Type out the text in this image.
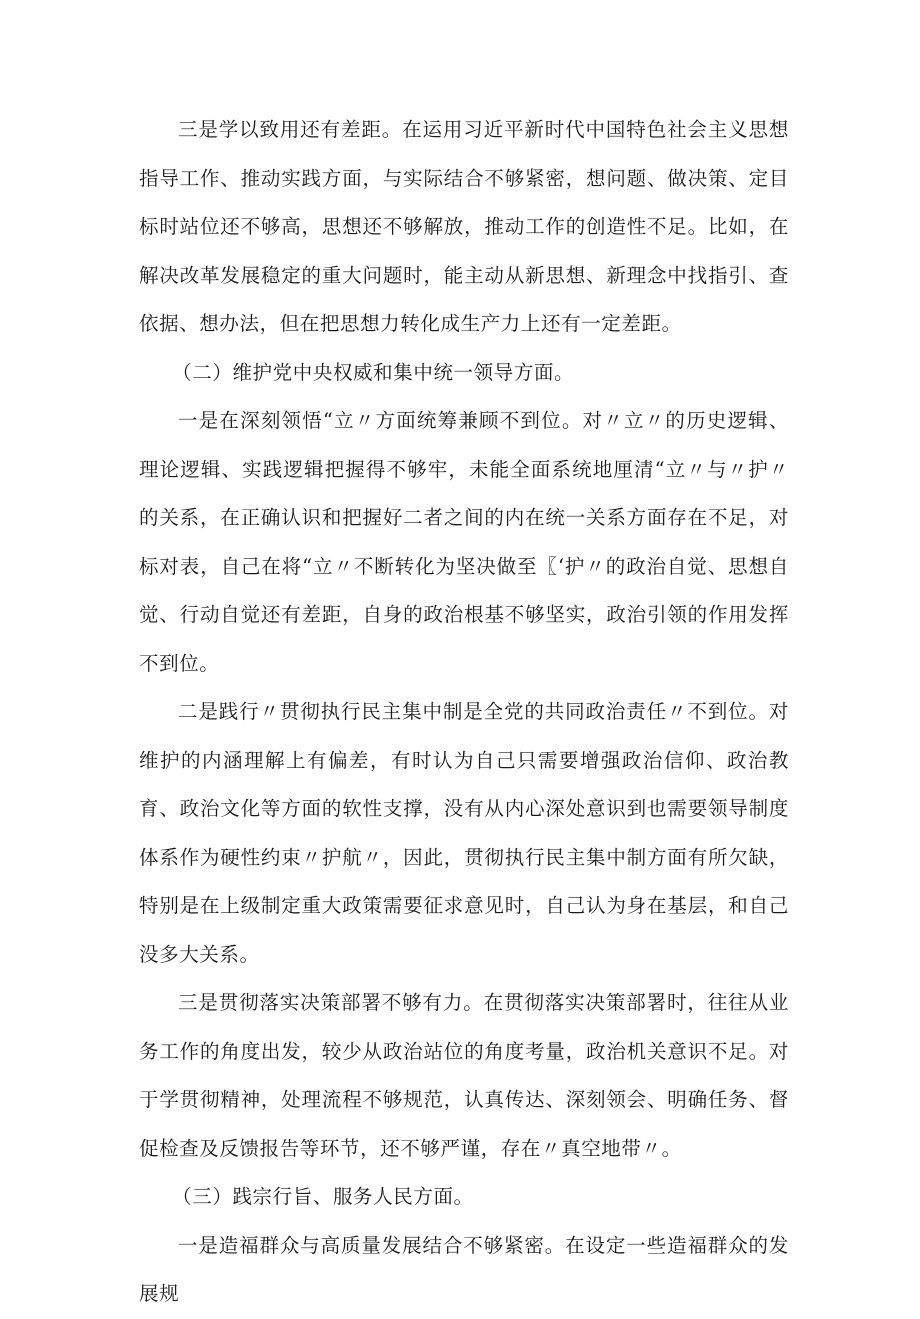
三是学以致用还有差距。在运用习近平新时代中国特色社会主义思想指导工作、推动实践方面，与实际结合不够紧密，想问题、做决策、定目标时站位还不够高，思想还不够解放，推动工作的创造性不足。比如，在解决改革发展稳定的重大问题时，能主动从新思想、新理念中找指引、查依据、想办法，但在把思想力转化成生产力上还有一定差距。

（二）维护党中央权威和集中统一领导方面。

一是在深刻领悟“立〃方面统筹兼顾不到位。对〃立〃的历史逻辑、理论逻辑、实践逻辑把握得不够牢，未能全面系统地厘清“立〃与〃护〃的关系，在正确认识和把握好二者之间的内在统一关系方面存在不足，对标对表，自己在将“立〃不断转化为坚决做至〖‘护〃的政治自觉、思想自觉、行动自觉还有差距，自身的政治根基不够坚实，政治引领的作用发挥不到位。

二是践行〃贯彻执行民主集中制是全党的共同政治责任〃不到位。对维护的内涵理解上有偏差，有时认为自己只需要增强政治信仰、政治教育、政治文化等方面的软性支撑，没有从内心深处意识到也需要领导制度体系作为硬性约束〃护航〃，因此，贯彻执行民主集中制方面有所欠缺，特别是在上级制定重大政策需要征求意见时，自己认为身在基层，和自己没多大关系。

三是贯彻落实决策部署不够有力。在贯彻落实决策部署时，往往从业务工作的角度出发，较少从政治站位的角度考量，政治机关意识不足。对于学贯彻精神，处理流程不够规范，认真传达、深刻领会、明确任务、督促检查及反馈报告等环节，还不够严谨，存在〃真空地带〃。

（三）践宗行旨、服务人民方面。

一是造福群众与高质量发展结合不够紧密。在设定一些造福群众的发展规
